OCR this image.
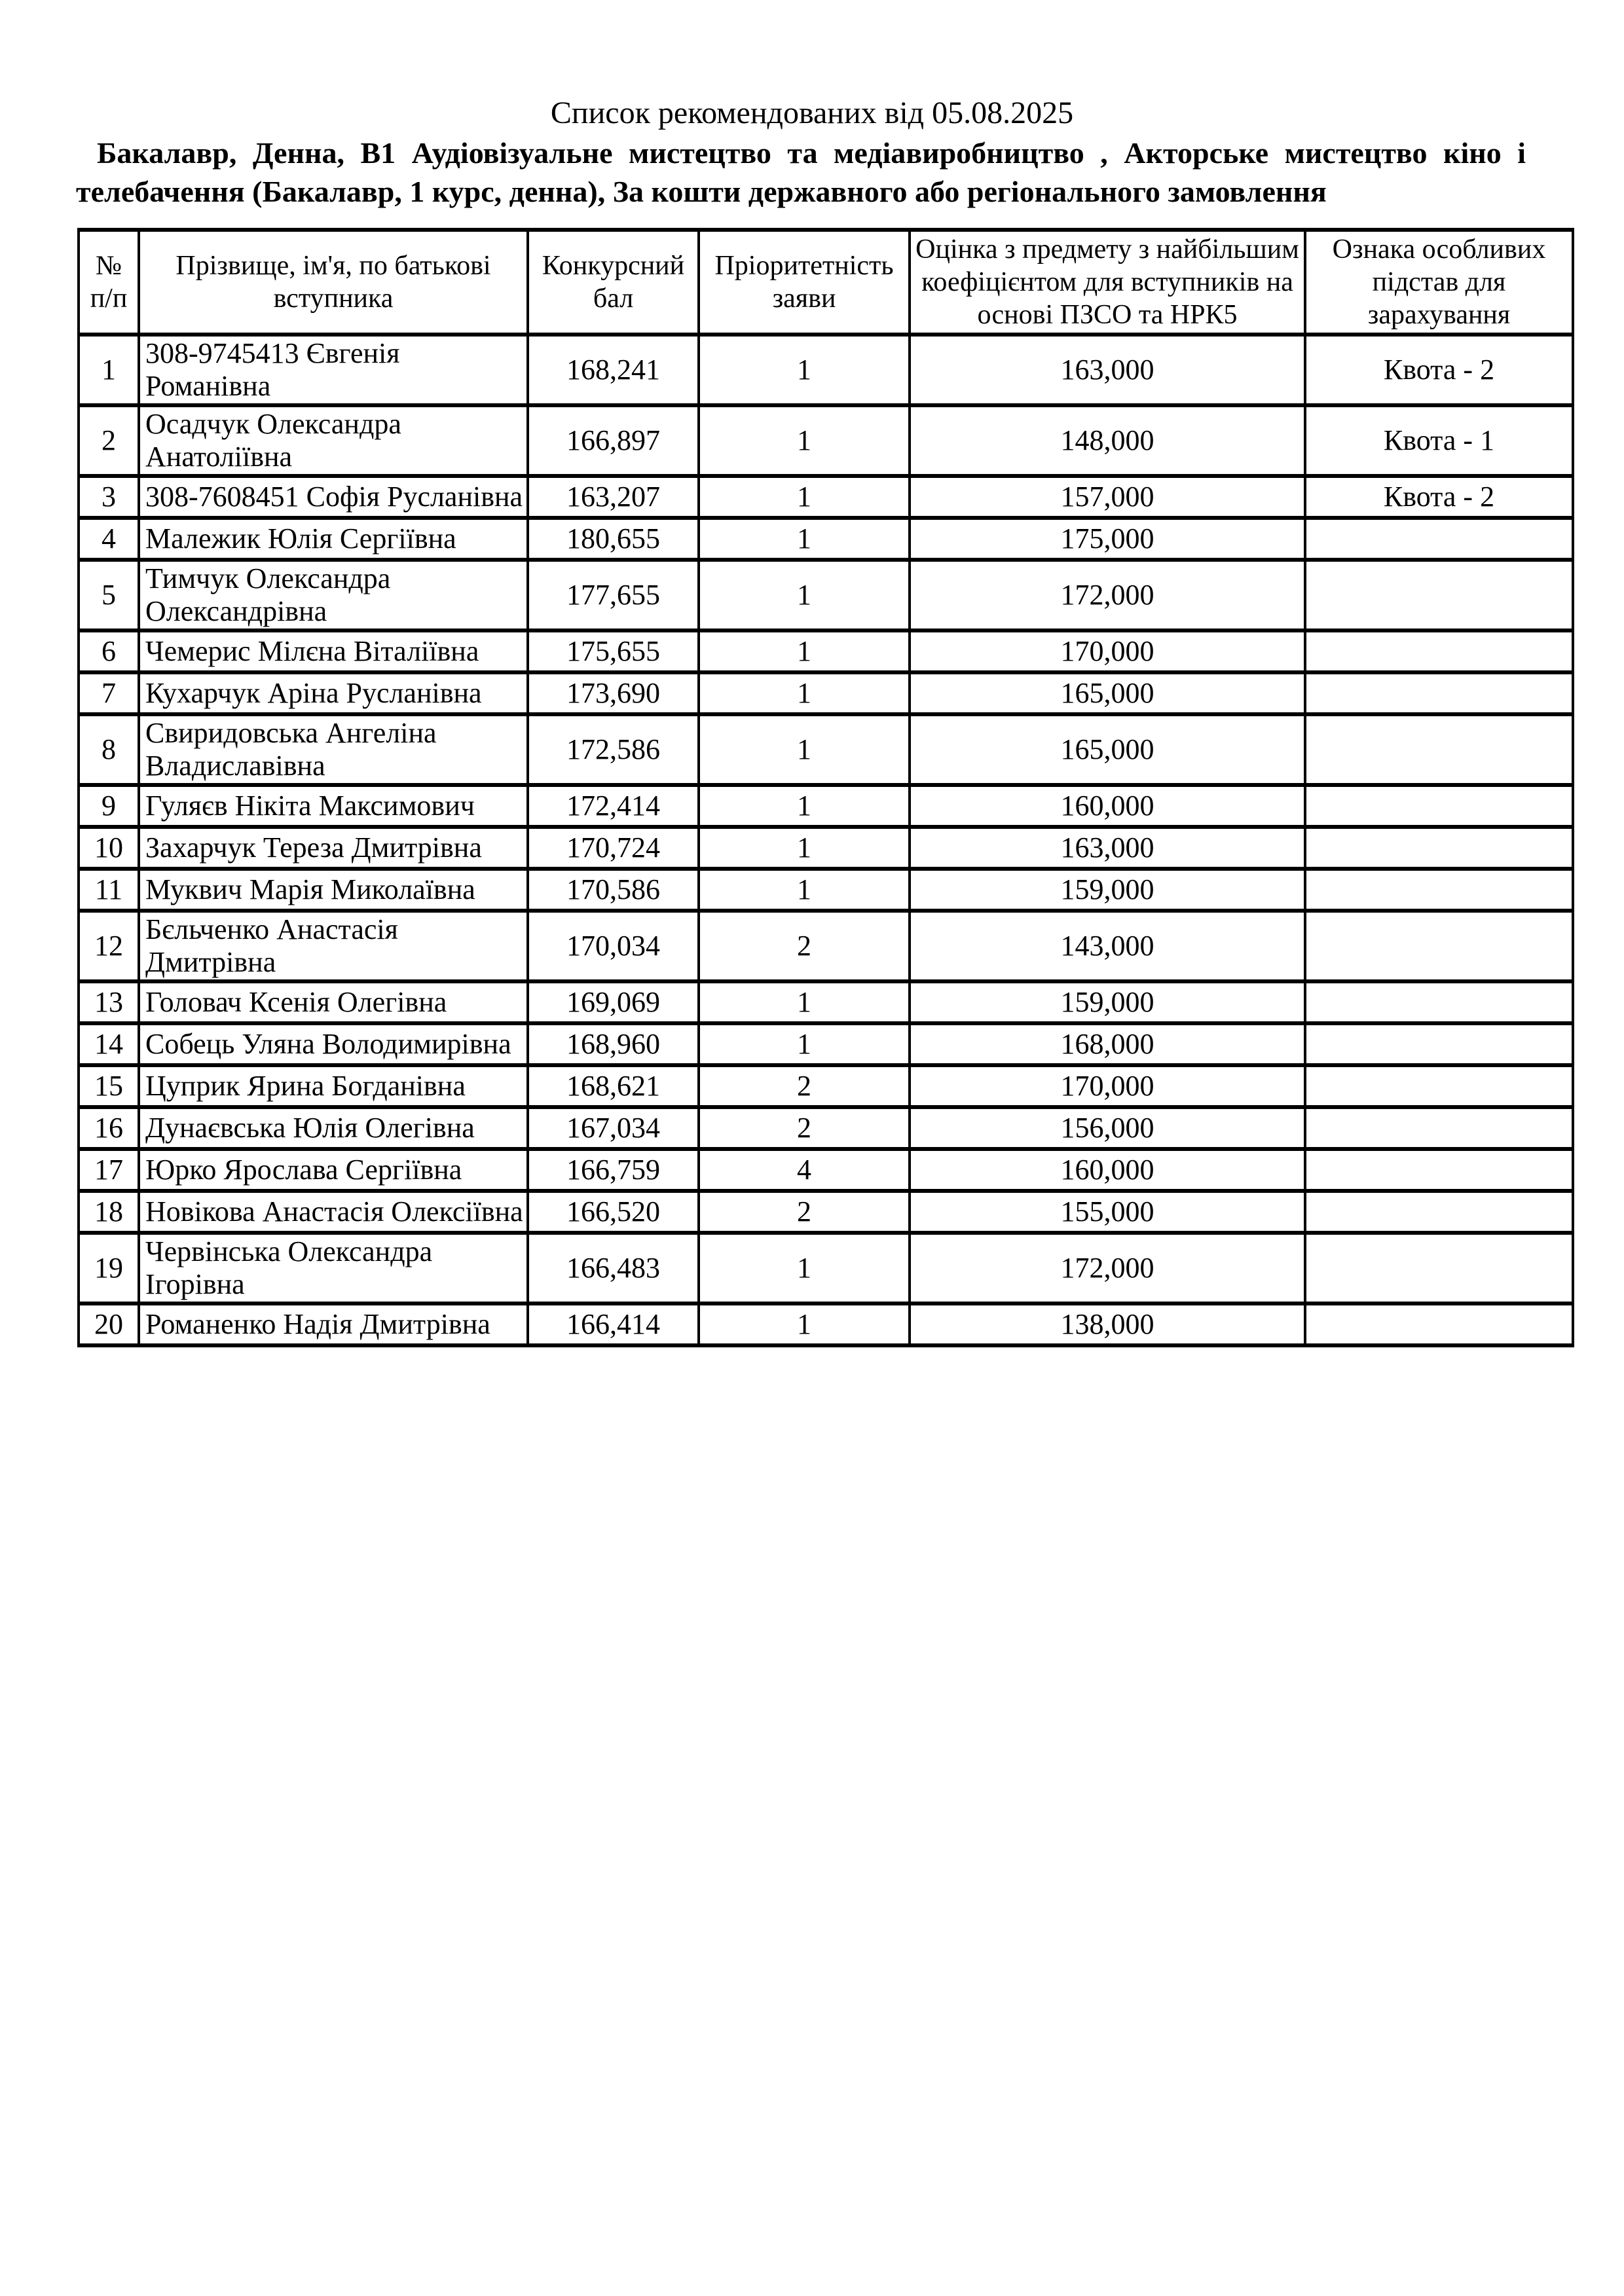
Список рекомендованих від 05.08.2025
Бакалавр, Денна, В1 Аудіовізуальне мистецтво та медіавиробництво , Акторське мистецтво кіно і телебачення (Бакалавр, 1 курс, денна), За кошти державного або регіонального замовлення
№ п/п	Прізвище, ім'я, по батькові вступника	Конкурсний бал	Пріоритетність заяви	Оцінка з предмету з найбільшим коефіцієнтом для вступників на основі ПЗСО та НРК5	Ознака особливих підстав для зарахування
1	308-9745413 Євгенія Романівна	168,241	1	163,000	Квота - 2
2	Осадчук Олександра Анатоліївна	166,897	1	148,000	Квота - 1
3	308-7608451 Софія Русланівна	163,207	1	157,000	Квота - 2
4	Малежик Юлія Сергіївна	180,655	1	175,000	
5	Тимчук Олександра Олександрівна	177,655	1	172,000	
6	Чемерис Мілєна Віталіївна	175,655	1	170,000	
7	Кухарчук Аріна Русланівна	173,690	1	165,000	
8	Свиридовська Ангеліна Владиславівна	172,586	1	165,000	
9	Гуляєв Нікіта Максимович	172,414	1	160,000	
10	Захарчук Тереза Дмитрівна	170,724	1	163,000	
11	Муквич Марія Миколаївна	170,586	1	159,000	
12	Бєльченко Анастасія Дмитрівна	170,034	2	143,000	
13	Головач Ксенія Олегівна	169,069	1	159,000	
14	Собець Уляна Володимирівна	168,960	1	168,000	
15	Цуприк Ярина Богданівна	168,621	2	170,000	
16	Дунаєвська Юлія Олегівна	167,034	2	156,000	
17	Юрко Ярослава Сергіївна	166,759	4	160,000	
18	Новікова Анастасія Олексіївна	166,520	2	155,000	
19	Червінська Олександра Ігорівна	166,483	1	172,000	
20	Романенко Надія Дмитрівна	166,414	1	138,000	
